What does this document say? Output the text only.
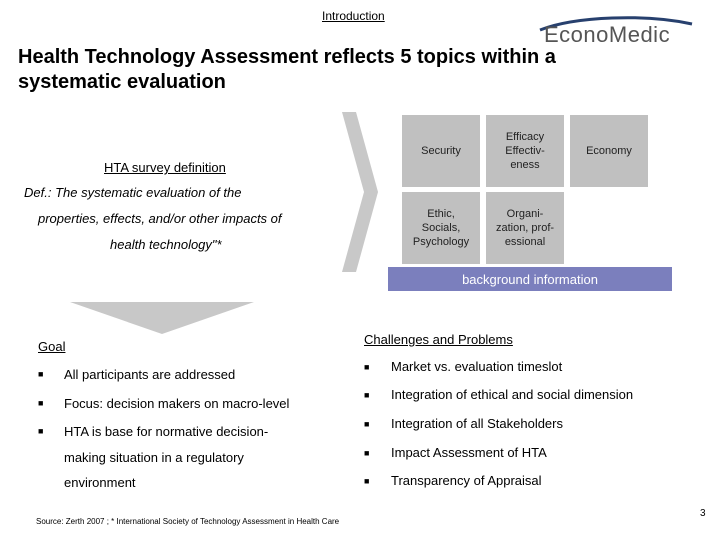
Introduction
EconoMedic
Health Technology Assessment reflects 5 topics within a systematic evaluation
HTA survey definition
Def.: The systematic evaluation of the
properties, effects, and/or other impacts of
health technology"*
Security
Efficacy Effectiv-eness
Economy
Ethic, Socials, Psychology
Organi-zation, prof-essional
background information
Goal
■ All participants are addressed
■ Focus: decision makers on macro-level
■ HTA is base for normative decision-
making situation in a regulatory
environment
Challenges and Problems
■ Market vs. evaluation timeslot
■ Integration of ethical and social dimension
■ Integration of all Stakeholders
■ Impact Assessment of HTA
■ Transparency of Appraisal
Source: Zerth 2007 ; * International Society of Technology Assessment in Health Care
3
